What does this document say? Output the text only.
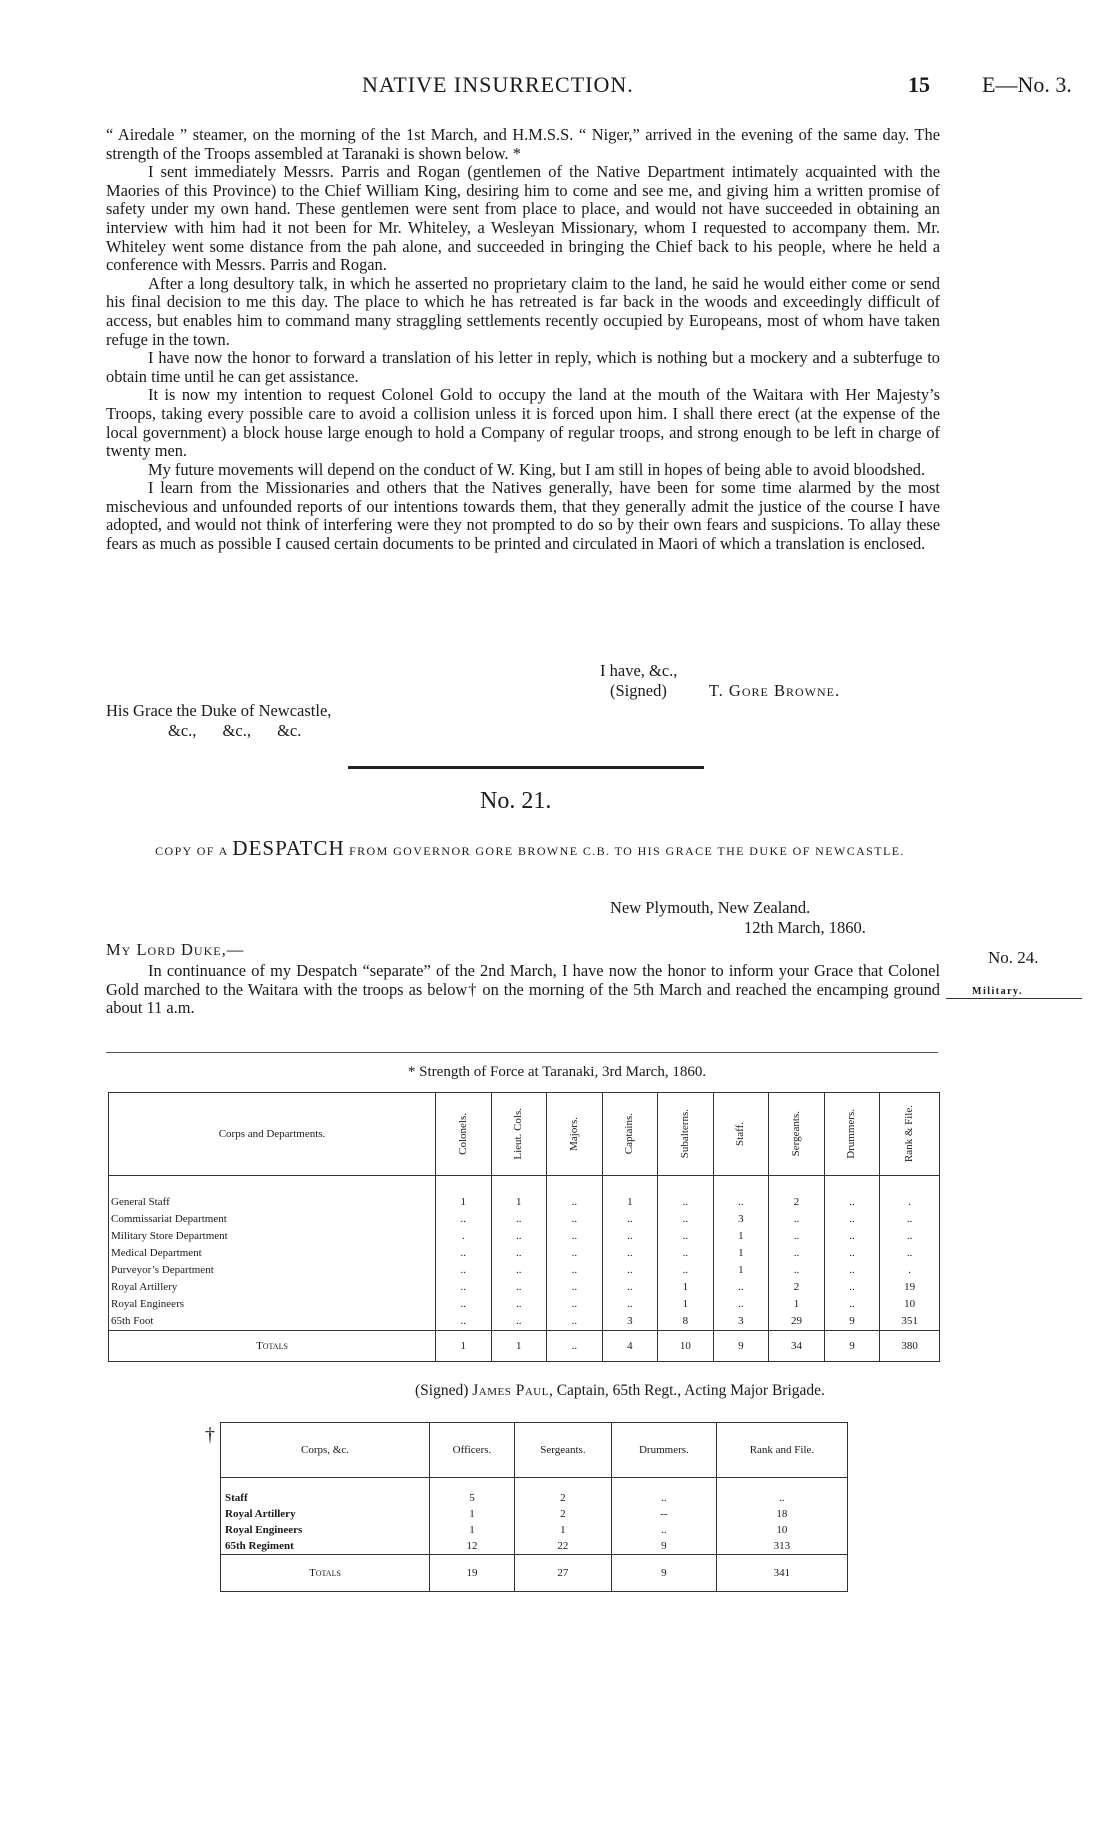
NATIVE INSURRECTION.	15 E—No. 3.

“ Airedale ” steamer, on the morning of the 1st March, and H.M.S.S. “ Niger,” arrived in the evening of the same day. The strength of the Troops assembled at Taranaki is shown below. *

I sent immediately Messrs. Parris and Rogan (gentlemen of the Native Department intimately acquainted with the Maories of this Province) to the Chief William King, desiring him to come and see me, and giving him a written promise of safety under my own hand. These gentlemen were sent from place to place, and would not have succeeded in obtaining an interview with him had it not been for Mr. Whiteley, a Wesleyan Missionary, whom I requested to accompany them. Mr. Whiteley went some distance from the pah alone, and succeeded in bringing the Chief back to his people, where he held a conference with Messrs. Parris and Rogan.

After a long desultory talk, in which he asserted no proprietary claim to the land, he said he would either come or send his final decision to me this day. The place to which he has retreated is far back in the woods and exceedingly difficult of access, but enables him to command many straggling settlements recently occupied by Europeans, most of whom have taken refuge in the town.

I have now the honor to forward a translation of his letter in reply, which is nothing but a mockery and a subterfuge to obtain time until he can get assistance.

It is now my intention to request Colonel Gold to occupy the land at the mouth of the Waitara with Her Majesty’s Troops, taking every possible care to avoid a collision unless it is forced upon him. I shall there erect (at the expense of the local government) a block house large enough to hold a Company of regular troops, and strong enough to be left in charge of twenty men.

My future movements will depend on the conduct of W. King, but I am still in hopes of being able to avoid bloodshed.

I learn from the Missionaries and others that the Natives generally, have been for some time alarmed by the most mischevious and unfounded reports of our intentions towards them, that they generally admit the justice of the course I have adopted, and would not think of interfering were they not prompted to do so by their own fears and suspicions. To allay these fears as much as possible I caused certain documents to be printed and circulated in Maori of which a translation is enclosed.

I have, &c.,
(Signed)	T. Gore Browne.
His Grace the Duke of Newcastle,
&c., &c., &c.
No. 21.
COPY OF A DESPATCH FROM GOVERNOR GORE BROWNE C.B. TO HIS GRACE THE DUKE OF NEWCASTLE.
New Plymouth, New Zealand.
12th March, 1860.
My Lord Duke,—

In continuance of my Despatch “separate” of the 2nd March, I have now the honor to inform your Grace that Colonel Gold marched to the Waitara with the troops as below† on the morning of the 5th March and reached the encamping ground about 11 a.m.

No. 24.
Military.
* Strength of Force at Taranaki, 3rd March, 1860.
Corps and Departments.	Colonels.	Lieut. Cols.	Majors.	Captains.	Subalterns.	Staff.	Sergeants.	Drummers.	Rank & File.

General Staff	1	1	..	1	..	..	2	..	.
Commissariat Department	..	..	..	..	..	3	..	..	..
Military Store Department	.	..	..	..	..	1	..	..	..
Medical Department	..	..	..	..	..	1	..	..	..
Purveyor’s Department	..	..	..	..	..	1	..	..	.
Royal Artillery	..	..	..	..	1	..	2	..	19
Royal Engineers	..	..	..	..	1	..	1	..	10
65th Foot	..	..	..	3	8	3	29	9	351
Totals	1	1	..	4	10	9	34	9	380
(Signed) James Paul, Captain, 65th Regt., Acting Major Brigade.
†
Corps, &c.	Officers.	Sergeants.	Drummers.	Rank and File.

Staff	5	2	..	..
Royal Artillery	1	2	--	18
Royal Engineers	1	1	..	10
65th Regiment	12	22	9	313
Totals	19	27	9	341
